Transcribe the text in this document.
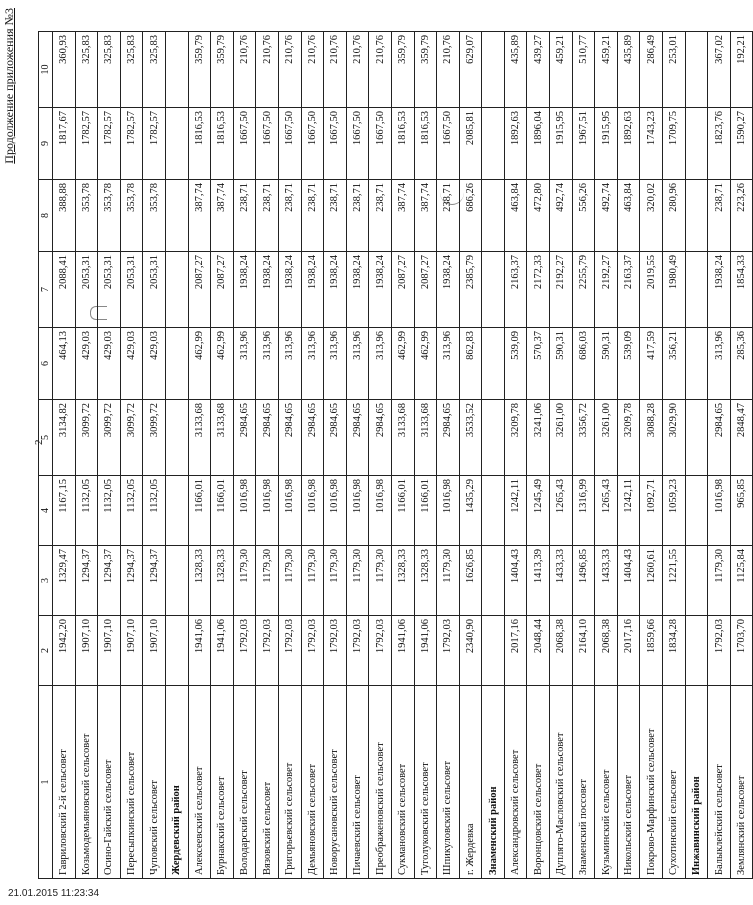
Продолжение приложения №3
2
1	2	3	4	5	6	7	8	9	10
Гавриловский 2-й сельсовет	1942,20	1329,47	1167,15	3134,82	464,13	2088,41	388,88	1817,67	360,93
Козьмодемьяновский сельсовет	1907,10	1294,37	1132,05	3099,72	429,03	2053,31	353,78	1782,57	325,83
Осино-Гайский сельсовет	1907,10	1294,37	1132,05	3099,72	429,03	2053,31	353,78	1782,57	325,83
Пересыпкинский сельсовет	1907,10	1294,37	1132,05	3099,72	429,03	2053,31	353,78	1782,57	325,83
Чуповский сельсовет	1907,10	1294,37	1132,05	3099,72	429,03	2053,31	353,78	1782,57	325,83
Жердевский район									
Алексеевский сельсовет	1941,06	1328,33	1166,01	3133,68	462,99	2087,27	387,74	1816,53	359,79
Бурнакский сельсовет	1941,06	1328,33	1166,01	3133,68	462,99	2087,27	387,74	1816,53	359,79
Володарский сельсовет	1792,03	1179,30	1016,98	2984,65	313,96	1938,24	238,71	1667,50	210,76
Вязовский сельсовет	1792,03	1179,30	1016,98	2984,65	313,96	1938,24	238,71	1667,50	210,76
Григорьевский сельсовет	1792,03	1179,30	1016,98	2984,65	313,96	1938,24	238,71	1667,50	210,76
Демьяновский сельсовет	1792,03	1179,30	1016,98	2984,65	313,96	1938,24	238,71	1667,50	210,76
Новорусановский сельсовет	1792,03	1179,30	1016,98	2984,65	313,96	1938,24	238,71	1667,50	210,76
Пичаевский сельсовет	1792,03	1179,30	1016,98	2984,65	313,96	1938,24	238,71	1667,50	210,76
Преображеновский сельсовет	1792,03	1179,30	1016,98	2984,65	313,96	1938,24	238,71	1667,50	210,76
Сукмановский сельсовет	1941,06	1328,33	1166,01	3133,68	462,99	2087,27	387,74	1816,53	359,79
Туголуковский сельсовет	1941,06	1328,33	1166,01	3133,68	462,99	2087,27	387,74	1816,53	359,79
Шпикуловский сельсовет	1792,03	1179,30	1016,98	2984,65	313,96	1938,24	238,71	1667,50	210,76
г. Жердевка	2340,90	1626,85	1435,29	3533,52	862,83	2385,79	686,26	2085,81	629,07
Знаменский район									
Александровский сельсовет	2017,16	1404,43	1242,11	3209,78	539,09	2163,37	463,84	1892,63	435,89
Воронцовский сельсовет	2048,44	1413,39	1245,49	3241,06	570,37	2172,33	472,80	1896,04	439,27
Дуплято-Масловский сельсовет	2068,38	1433,33	1265,43	3261,00	590,31	2192,27	492,74	1915,95	459,21
Знаменский поссовет	2164,10	1496,85	1316,99	3356,72	686,03	2255,79	556,26	1967,51	510,77
Кузьминский сельсовет	2068,38	1433,33	1265,43	3261,00	590,31	2192,27	492,74	1915,95	459,21
Никольский сельсовет	2017,16	1404,43	1242,11	3209,78	539,09	2163,37	463,84	1892,63	435,89
Покрово-Марфинский сельсовет	1859,66	1260,61	1092,71	3088,28	417,59	2019,55	320,02	1743,23	286,49
Сухотинский сельсовет	1834,28	1221,55	1059,23	3029,90	356,21	1980,49	280,96	1709,75	253,01
Инжавинский район									
Балыклейский сельсовет	1792,03	1179,30	1016,98	2984,65	313,96	1938,24	238,71	1823,76	367,02
Землянский сельсовет	1703,70	1125,84	965,85	2848,47	285,36	1854,33	223,26	1590,27	192,21
21.01.2015 11:23:34
